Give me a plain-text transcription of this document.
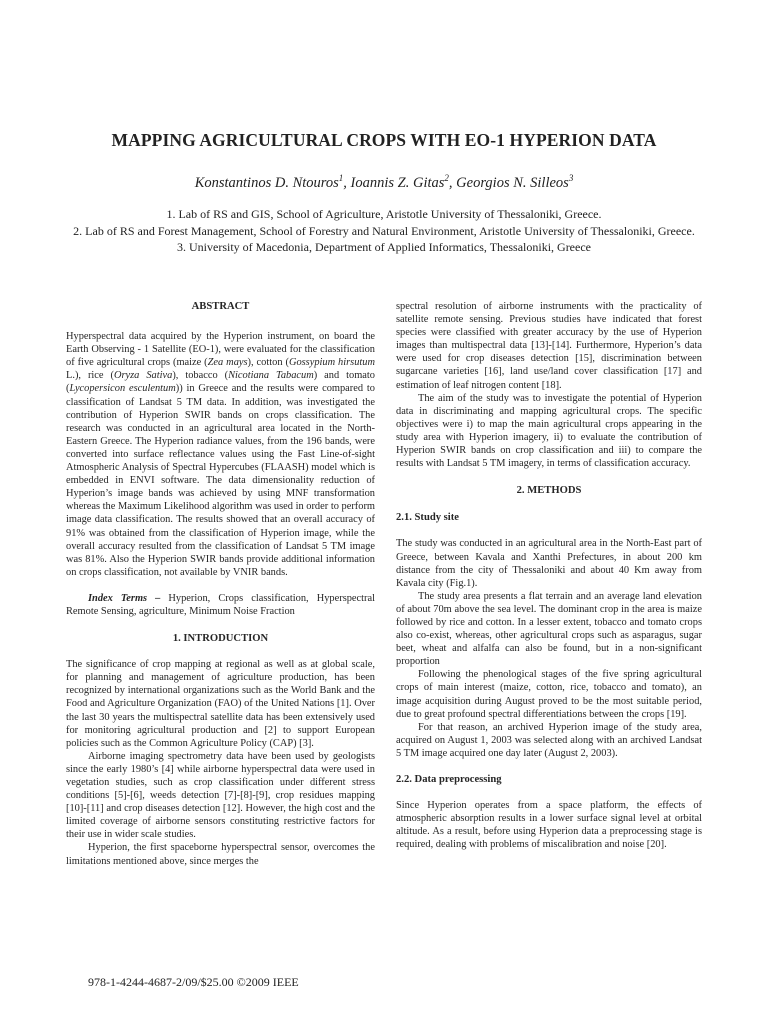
MAPPING AGRICULTURAL CROPS WITH EO-1 HYPERION DATA
Konstantinos D. Ntouros$^1$, Ioannis Z. Gitas$^2$, Georgios N. Silleos$^3$
1. Lab of RS and GIS, School of Agriculture, Aristotle University of Thessaloniki, Greece.
2. Lab of RS and Forest Management, School of Forestry and Natural Environment, Aristotle University of Thessaloniki, Greece.
3. University of Macedonia, Department of Applied Informatics, Thessaloniki, Greece

ABSTRACT

Hyperspectral data acquired by the Hyperion instrument, on board the Earth Observing - 1 Satellite (EO-1), were evaluated for the classification of five agricultural crops (maize (Zea mays), cotton (Gossypium hirsutum L.), rice (Oryza Sativa), tobacco (Nicotiana Tabacum) and tomato (Lycopersicon esculentum)) in Greece and the results were compared to classification of Landsat 5 TM data. In addition, was investigated the contribution of Hyperion SWIR bands on crops classification. The research was conducted in an agricultural area located in the North-Eastern Greece. The Hyperion radiance values, from the 196 bands, were converted into surface reflectance values using the Fast Line-of-sight Atmospheric Analysis of Spectral Hypercubes (FLAASH) model which is embedded in ENVI software. The data dimensionality reduction of Hyperion’s image bands was achieved by using MNF transformation whereas the Maximum Likelihood algorithm was used in order to perform image data classification. The results showed that an overall accuracy of 91% was obtained from the classification of Hyperion image, while the overall accuracy resulted from the classification of Landsat 5 TM image was 81%. Also the Hyperion SWIR bands provide additional information on crops classification, not available by VNIR bands.

Index Terms – Hyperion, Crops classification, Hyperspectral Remote Sensing, agriculture, Minimum Noise Fraction

1. INTRODUCTION

The significance of crop mapping at regional as well as at global scale, for planning and management of agriculture production, has been recognized by international organizations such as the World Bank and the Food and Agriculture Organization (FAO) of the United Nations [1]. Over the last 30 years the multispectral satellite data has been extensively used for monitoring agricultural production and [2] to support European policies such as the Common Agriculture Policy (CAP) [3].

Airborne imaging spectrometry data have been used by geologists since the early 1980’s [4] while airborne hyperspectral data were used in vegetation studies, such as crop classification under different stress conditions [5]-[6], weeds detection [7]-[8]-[9], crop residues mapping [10]-[11] and crop diseases detection [12]. However, the high cost and the limited coverage of airborne sensors constituting restrictive factors for their use in wider scale studies.

Hyperion, the first spaceborne hyperspectral sensor, overcomes the limitations mentioned above, since merges the

spectral resolution of airborne instruments with the practicality of satellite remote sensing. Previous studies have indicated that forest species were classified with greater accuracy by the use of Hyperion images than multispectral data [13]-[14]. Furthermore, Hyperion’s data were used for crop diseases detection [15], discrimination between sugarcane varieties [16], land use/land cover classification [17] and estimation of leaf nitrogen content [18].

The aim of the study was to investigate the potential of Hyperion data in discriminating and mapping agricultural crops. The specific objectives were i) to map the main agricultural crops appearing in the study area with Hyperion imagery, ii) to evaluate the contribution of Hyperion SWIR bands on crop classification and iii) to compare the results with Landsat 5 TM imagery, in terms of classification accuracy.

2. METHODS

2.1. Study site

The study was conducted in an agricultural area in the North-East part of Greece, between Kavala and Xanthi Prefectures, in about 200 km distance from the city of Thessaloniki and about 40 Km away from Kavala city (Fig.1).

The study area presents a flat terrain and an average land elevation of about 70m above the sea level. The dominant crop in the area is maize followed by rice and cotton. In a lesser extent, tobacco and tomato crops also co-exist, whereas, other agricultural crops such as asparagus, sugar beet, wheat and alfalfa can also be found, but in a non-significant proportion

Following the phenological stages of the five spring agricultural crops of main interest (maize, cotton, rice, tobacco and tomato), an image acquisition during August proved to be the most suitable period, due to great profound spectral differentiations between the crops [19].

For that reason, an archived Hyperion image of the study area, acquired on August 1, 2003 was selected along with an archived Landsat 5 TM image acquired one day later (August 2, 2003).

2.2. Data preprocessing

Since Hyperion operates from a space platform, the effects of atmospheric absorption results in a lower surface signal level at orbital altitude. As a result, before using Hyperion data a preprocessing stage is required, dealing with problems of miscalibration and noise [20].

978-1-4244-4687-2/09/$25.00 ©2009 IEEE
